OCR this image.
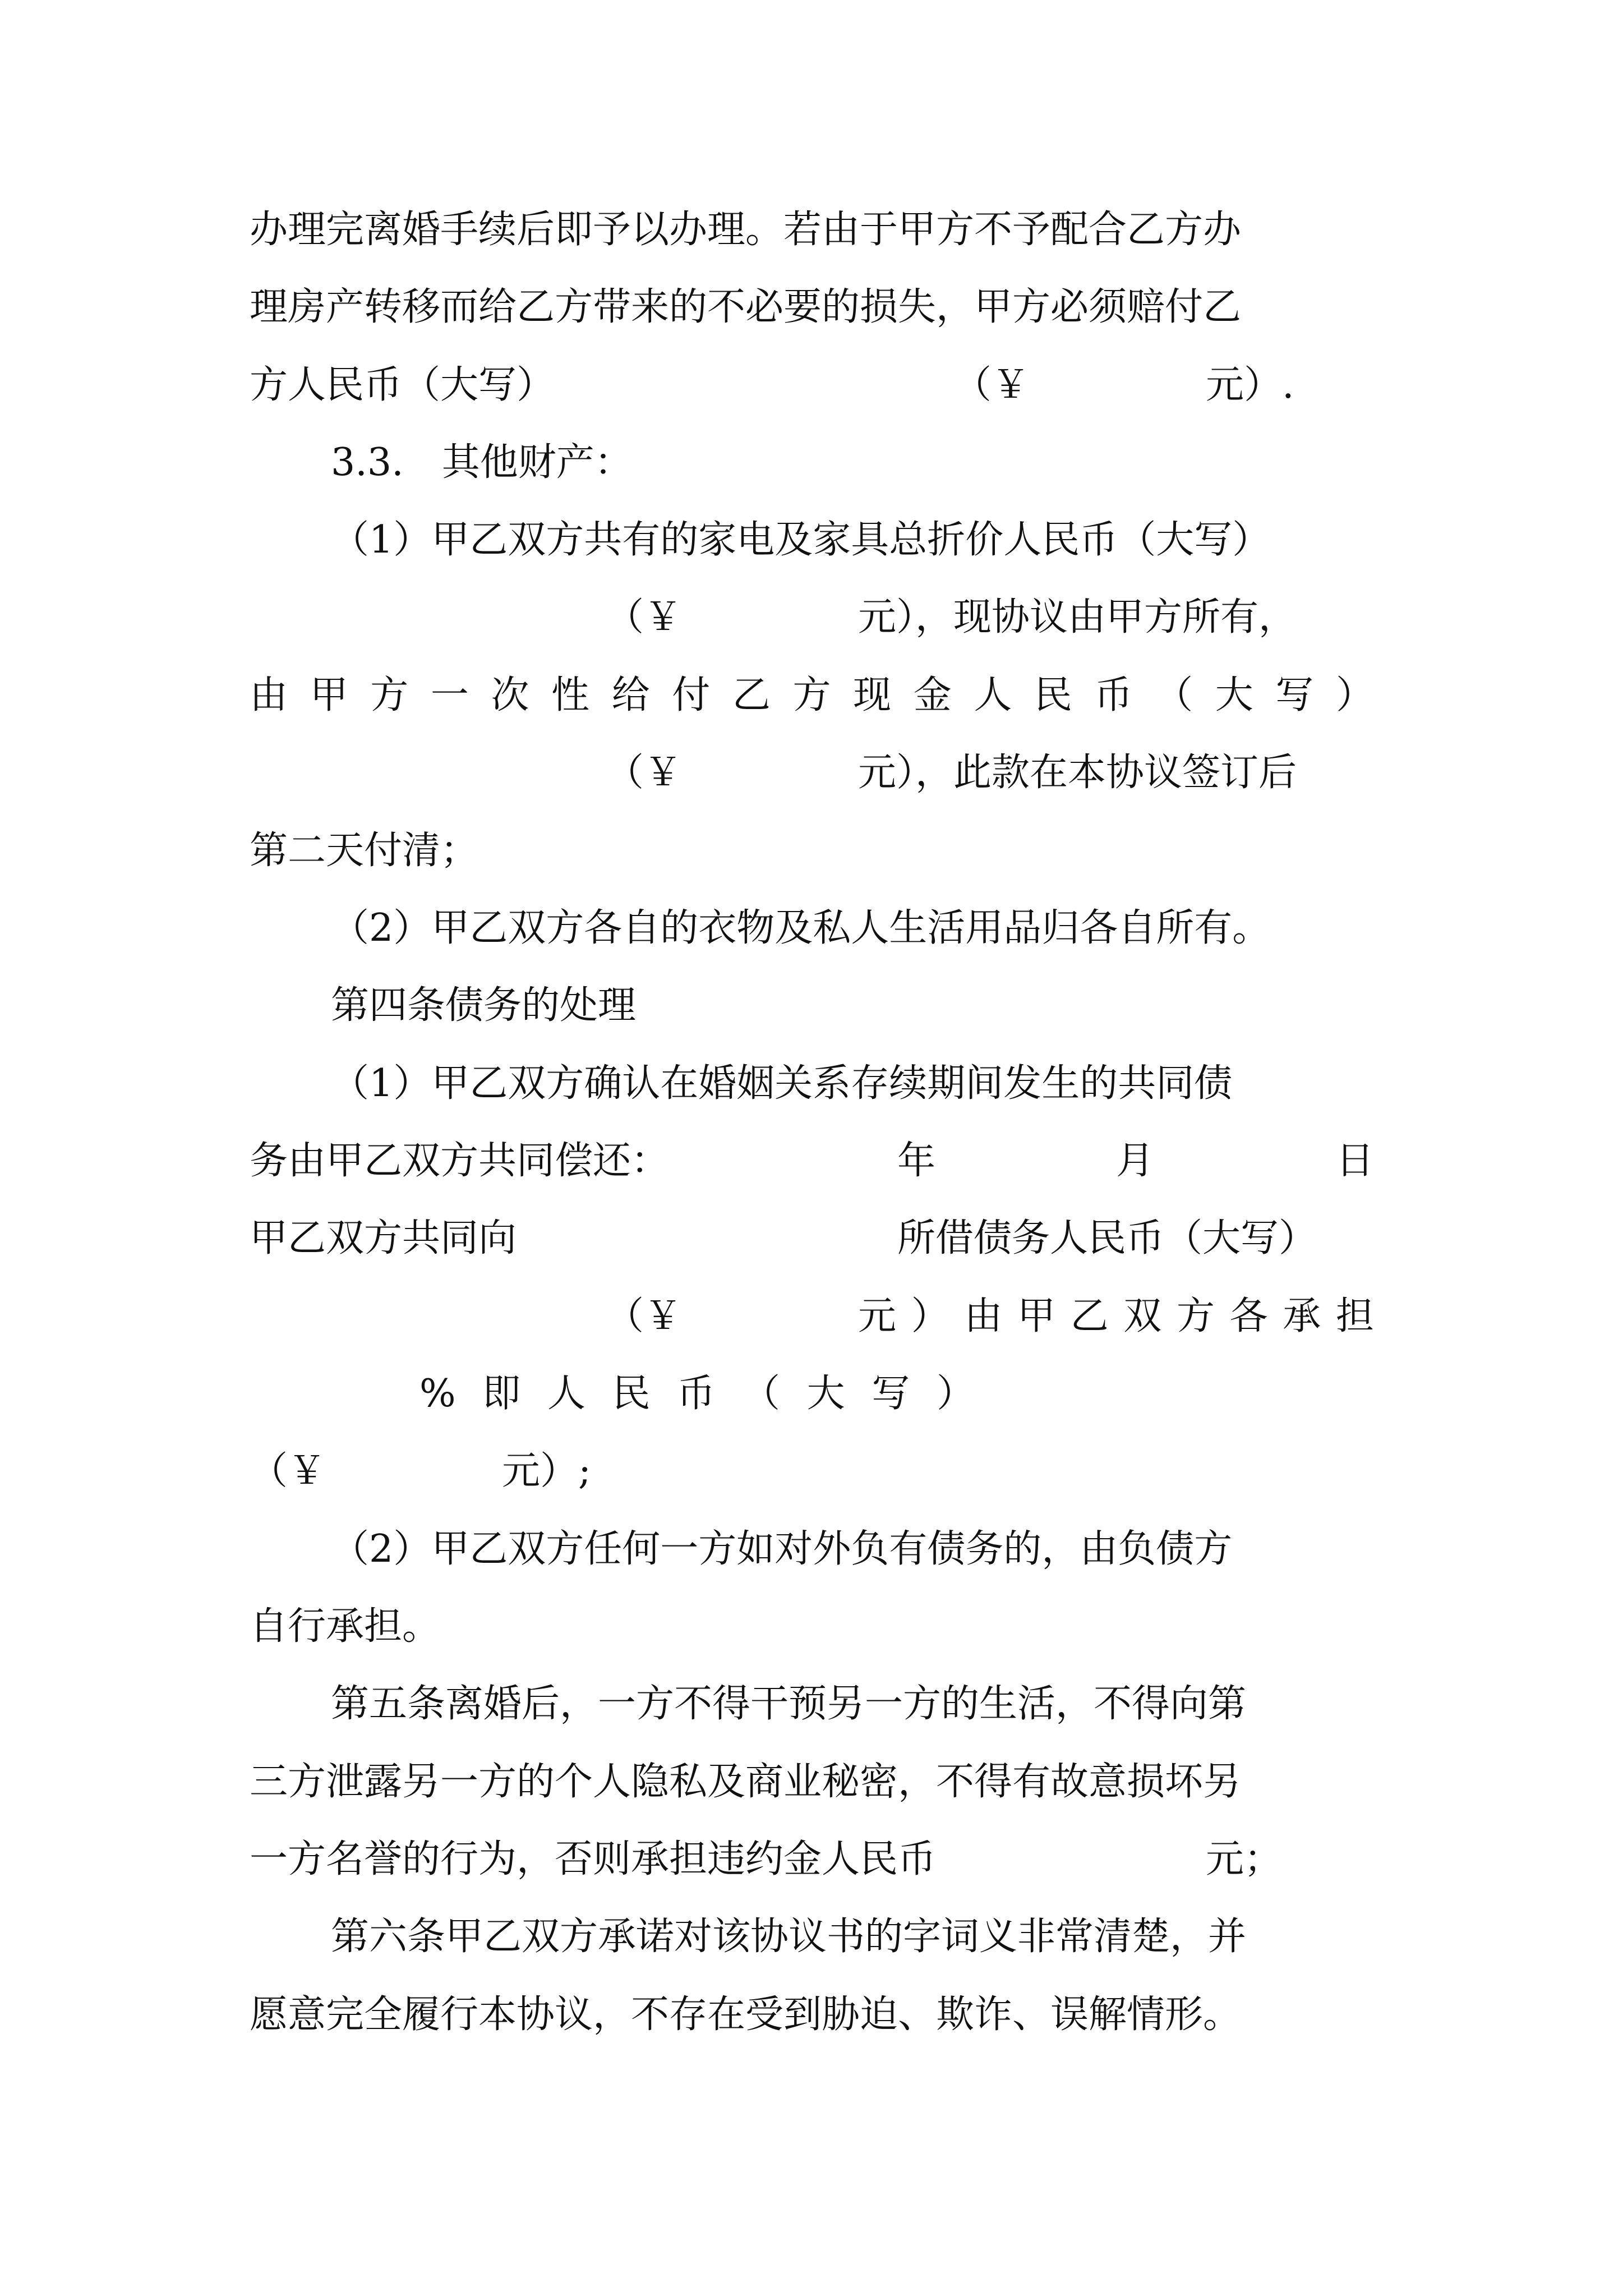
办理完离婚手续后即予以办理。若由于甲方不予配合乙方办

理房产转移而给乙方带来的不必要的损失，甲方必须赔付乙

方人民币（大写）	（￥	元）.

3.3.　其他财产：

（1）甲乙双方共有的家电及家具总折价人民币（大写）

（￥	元），现协议由甲方所有，

由 甲 方 一 次 性 给 付 乙 方 现 金 人 民 币 （ 大 写 ）

（￥	元），此款在本协议签订后

第二天付清；

（2）甲乙双方各自的衣物及私人生活用品归各自所有。

第四条债务的处理

（1）甲乙双方确认在婚姻关系存续期间发生的共同债

务由甲乙双方共同偿还：	年	月	日

甲乙双方共同向	所借债务人民币（大写）

（￥	元 ） 由 甲 乙 双 方 各 承 担
% 即 人 民 币 （ 大 写 ）

（￥	元）;

（2）甲乙双方任何一方如对外负有债务的，由负债方

自行承担。

第五条离婚后，一方不得干预另一方的生活，不得向第

三方泄露另一方的个人隐私及商业秘密，不得有故意损坏另

一方名誉的行为，否则承担违约金人民币	元；

第六条甲乙双方承诺对该协议书的字词义非常清楚，并

愿意完全履行本协议，不存在受到胁迫、欺诈、误解情形。
